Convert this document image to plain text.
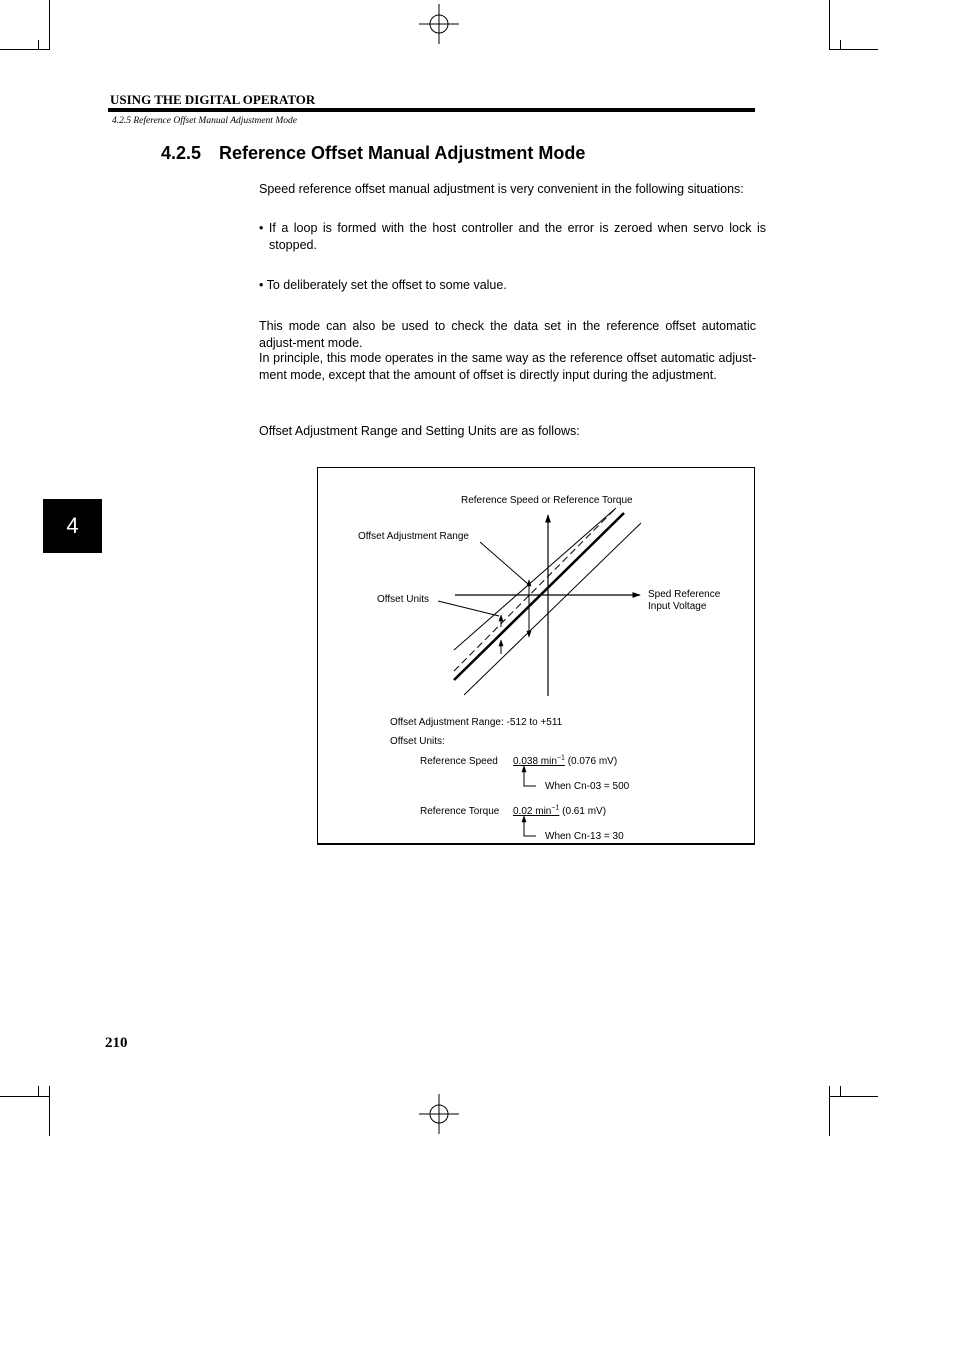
USING THE DIGITAL OPERATOR
4.2.5 Reference Offset Manual Adjustment Mode
4.2.5 Reference Offset Manual Adjustment Mode
Speed reference offset manual adjustment is very convenient in the following situations:
• If a loop is formed with the host controller and the error is zeroed when servo lock is stopped.
• To deliberately set the offset to some value.
This mode can also be used to check the data set in the reference offset automatic adjust-ment mode.
In principle, this mode operates in the same way as the reference offset automatic adjust-ment mode, except that the amount of offset is directly input during the adjustment.
Offset Adjustment Range and Setting Units are as follows:
4
Reference Speed or Reference Torque
Offset Adjustment Range
Offset Units	Sped Reference
Input Voltage
Offset Adjustment Range: -512 to +511
Offset Units:
Reference Speed 0.038 $\min^{-1} (0.076$ mV)
When Cn-03 = 500
Reference Torque 0.02 $\min^{-1} (0.61$ mV)
When Cn-13 = 30
210
